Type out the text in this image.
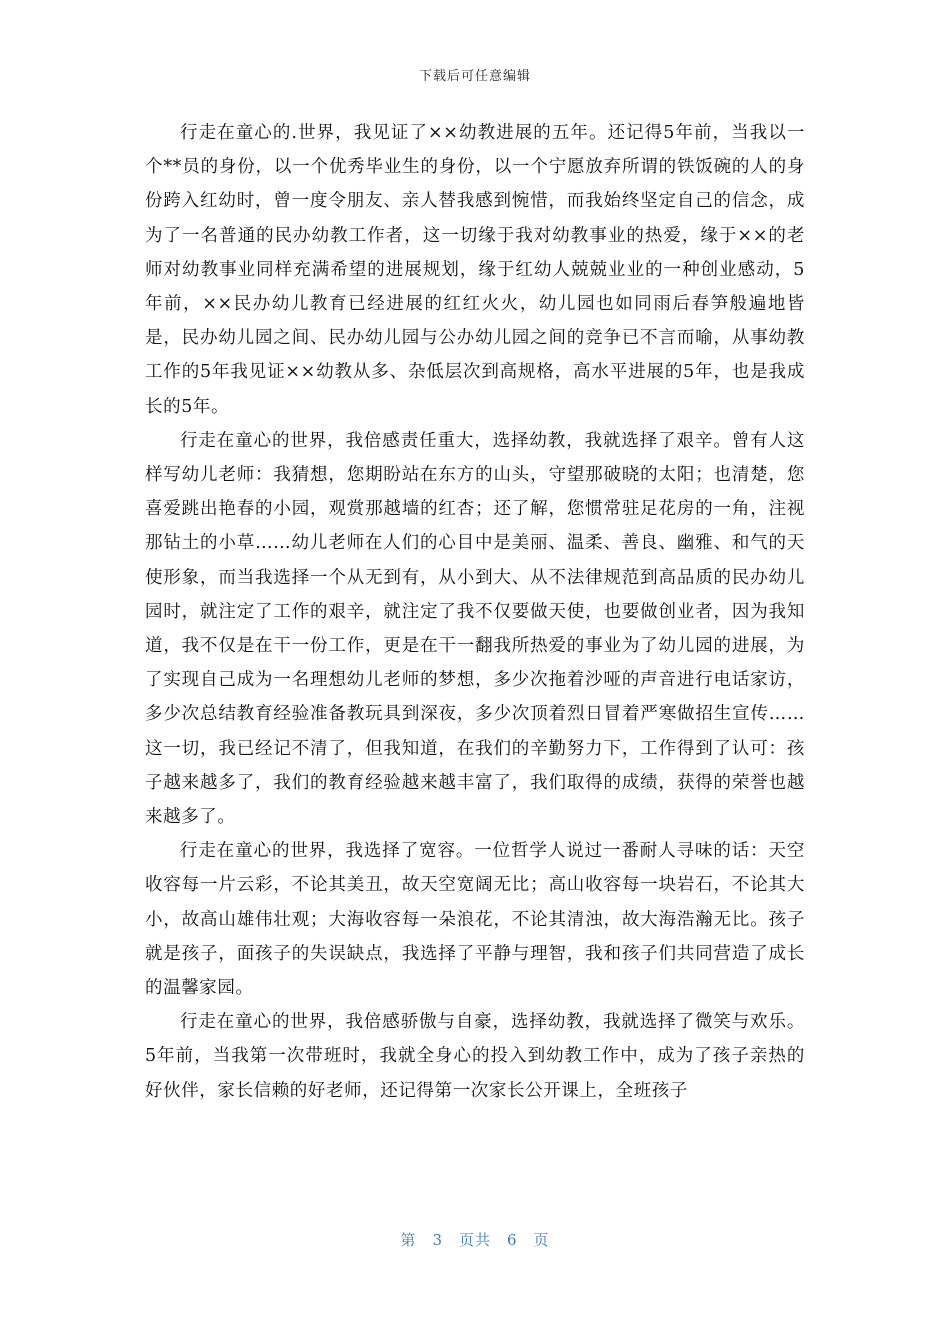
下载后可任意编辑

行走在童心的.世界，我见证了××幼教进展的五年。还记得5年前，当我以一个**员的身份，以一个优秀毕业生的身份，以一个宁愿放弃所谓的铁饭碗的人的身份跨入红幼时，曾一度令朋友、亲人替我感到惋惜，而我始终坚定自己的信念，成为了一名普通的民办幼教工作者，这一切缘于我对幼教事业的热爱，缘于××的老师对幼教事业同样充满希望的进展规划，缘于红幼人兢兢业业的一种创业感动，5年前，××民办幼儿教育已经进展的红红火火，幼儿园也如同雨后春笋般遍地皆是，民办幼儿园之间、民办幼儿园与公办幼儿园之间的竞争已不言而喻，从事幼教工作的5年我见证××幼教从多、杂低层次到高规格，高水平进展的5年，也是我成长的5年。

行走在童心的世界，我倍感责任重大，选择幼教，我就选择了艰辛。曾有人这样写幼儿老师：我猜想，您期盼站在东方的山头，守望那破晓的太阳；也清楚，您喜爱跳出艳春的小园，观赏那越墙的红杏；还了解，您惯常驻足花房的一角，注视那钻土的小草……幼儿老师在人们的心目中是美丽、温柔、善良、幽雅、和气的天使形象，而当我选择一个从无到有，从小到大、从不法律规范到高品质的民办幼儿园时，就注定了工作的艰辛，就注定了我不仅要做天使，也要做创业者，因为我知道，我不仅是在干一份工作，更是在干一翻我所热爱的事业为了幼儿园的进展，为了实现自己成为一名理想幼儿老师的梦想，多少次拖着沙哑的声音进行电话家访，多少次总结教育经验准备教玩具到深夜，多少次顶着烈日冒着严寒做招生宣传……这一切，我已经记不清了，但我知道，在我们的辛勤努力下，工作得到了认可：孩子越来越多了，我们的教育经验越来越丰富了，我们取得的成绩，获得的荣誉也越来越多了。

行走在童心的世界，我选择了宽容。一位哲学人说过一番耐人寻味的话：天空收容每一片云彩，不论其美丑，故天空宽阔无比；高山收容每一块岩石，不论其大小，故高山雄伟壮观；大海收容每一朵浪花，不论其清浊，故大海浩瀚无比。孩子就是孩子，面孩子的失误缺点，我选择了平静与理智，我和孩子们共同营造了成长的温馨家园。

行走在童心的世界，我倍感骄傲与自豪，选择幼教，我就选择了微笑与欢乐。5年前，当我第一次带班时，我就全身心的投入到幼教工作中，成为了孩子亲热的好伙伴，家长信赖的好老师，还记得第一次家长公开课上，全班孩子

第 3 页共 6 页
